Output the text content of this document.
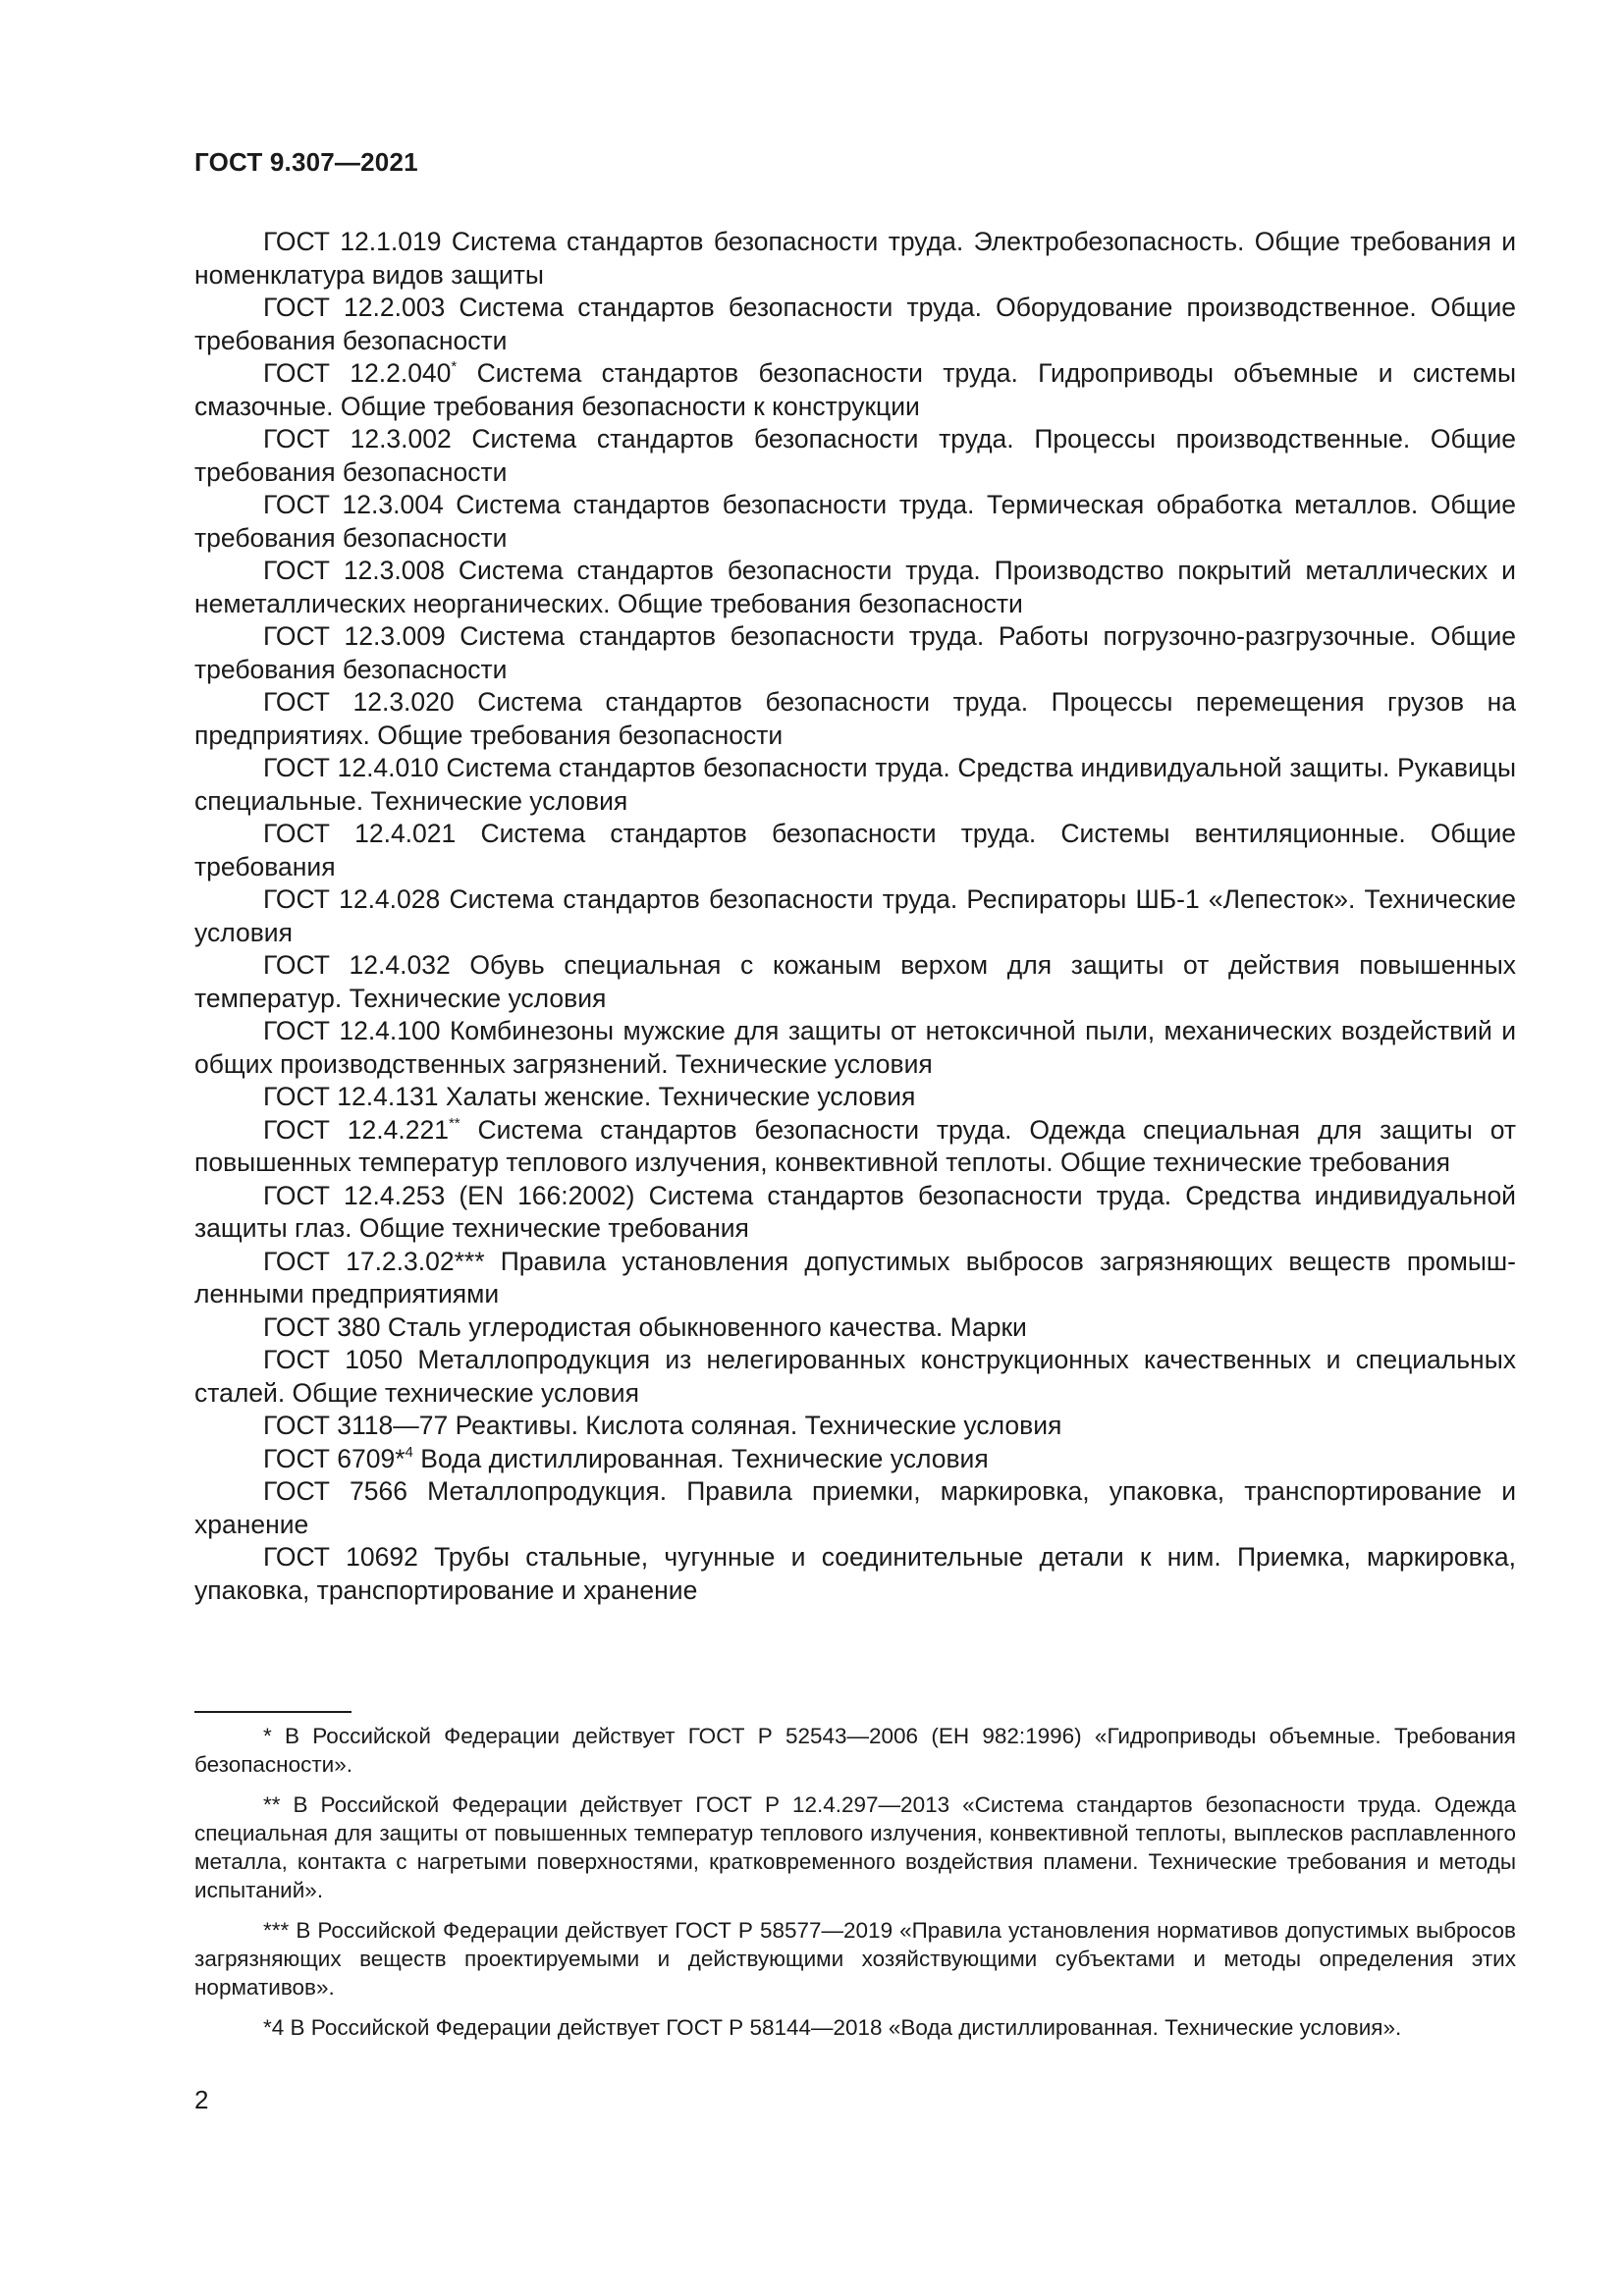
ГОСТ 9.307—2021

ГОСТ 12.1.019 Система стандартов безопасности труда. Электробезопасность. Общие требования и номенклатура видов защиты

ГОСТ 12.2.003 Система стандартов безопасности труда. Оборудование производственное. Общие требования безопасности

ГОСТ 12.2.040* Система стандартов безопасности труда. Гидроприводы объемные и системы смазочные. Общие требования безопасности к конструкции

ГОСТ 12.3.002 Система стандартов безопасности труда. Процессы производственные. Общие требования безопасности

ГОСТ 12.3.004 Система стандартов безопасности труда. Термическая обработка металлов. Общие требования безопасности

ГОСТ 12.3.008 Система стандартов безопасности труда. Производство покрытий металлических и неметаллических неорганических. Общие требования безопасности

ГОСТ 12.3.009 Система стандартов безопасности труда. Работы погрузочно-разгрузочные. Общие требования безопасности

ГОСТ 12.3.020 Система стандартов безопасности труда. Процессы перемещения грузов на предприятиях. Общие требования безопасности

ГОСТ 12.4.010 Система стандартов безопасности труда. Средства индивидуальной защиты. Рукавицы специальные. Технические условия

ГОСТ 12.4.021 Система стандартов безопасности труда. Системы вентиляционные. Общие требования

ГОСТ 12.4.028 Система стандартов безопасности труда. Респираторы ШБ-1 «Лепесток». Технические условия

ГОСТ 12.4.032 Обувь специальная с кожаным верхом для защиты от действия повышенных температур. Технические условия

ГОСТ 12.4.100 Комбинезоны мужские для защиты от нетоксичной пыли, механических воздействий и общих производственных загрязнений. Технические условия

ГОСТ 12.4.131 Халаты женские. Технические условия

ГОСТ 12.4.221** Система стандартов безопасности труда. Одежда специальная для защиты от повышенных температур теплового излучения, конвективной теплоты. Общие технические требования

ГОСТ 12.4.253 (EN 166:2002) Система стандартов безопасности труда. Средства индивидуальной защиты глаз. Общие технические требования

ГОСТ 17.2.3.02*** Правила установления допустимых выбросов загрязняющих веществ промышленными предприятиями

ГОСТ 380 Сталь углеродистая обыкновенного качества. Марки

ГОСТ 1050 Металлопродукция из нелегированных конструкционных качественных и специальных сталей. Общие технические условия

ГОСТ 3118—77 Реактивы. Кислота соляная. Технические условия

ГОСТ 6709*$^4$ Вода дистиллированная. Технические условия

ГОСТ 7566 Металлопродукция. Правила приемки, маркировка, упаковка, транспортирование и хранение

ГОСТ 10692 Трубы стальные, чугунные и соединительные детали к ним. Приемка, маркировка, упаковка, транспортирование и хранение

* В Российской Федерации действует ГОСТ Р 52543—2006 (ЕН 982:1996) «Гидроприводы объемные. Требования безопасности».

** В Российской Федерации действует ГОСТ Р 12.4.297—2013 «Система стандартов безопасности труда. Одежда специальная для защиты от повышенных температур теплового излучения, конвективной теплоты, выплесков расплавленного металла, контакта с нагретыми поверхностями, кратковременного воздействия пламени. Технические требования и методы испытаний».

*** В Российской Федерации действует ГОСТ Р 58577—2019 «Правила установления нормативов допустимых выбросов загрязняющих веществ проектируемыми и действующими хозяйствующими субъектами и методы определения этих нормативов».

*4 В Российской Федерации действует ГОСТ Р 58144—2018 «Вода дистиллированная. Технические условия».

2
